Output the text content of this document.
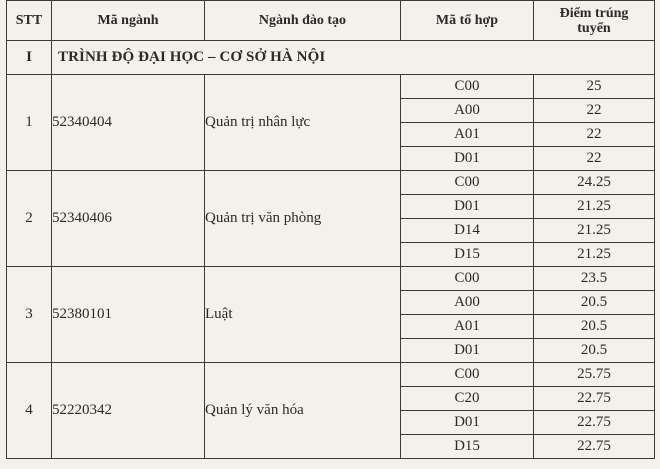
STT	Mã ngành	Ngành đào tạo	Mã tổ hợp	Điểm trúng
tuyển
I	TRÌNH ĐỘ ĐẠI HỌC – CƠ SỞ HÀ NỘI			
1	52340404	Quản trị nhân lực	C00	25
			A00	22
			A01	22
			D01	22
2	52340406	Quản trị văn phòng	C00	24.25
			D01	21.25
			D14	21.25
			D15	21.25
3	52380101	Luật	C00	23.5
			A00	20.5
			A01	20.5
			D01	20.5
4	52220342	Quản lý văn hóa	C00	25.75
			C20	22.75
			D01	22.75
			D15	22.75
